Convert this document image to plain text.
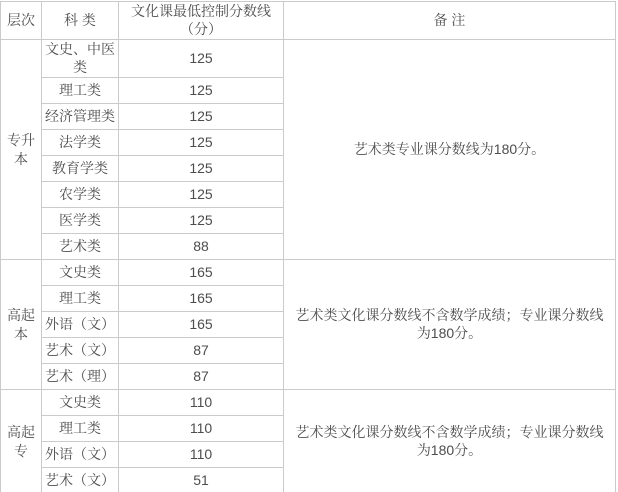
层次	科 类	文化课最低控制分数线（分）	备 注
专升本	文史、中医类	125	艺术类专业课分数线为180分。
	理工类	125	
	经济管理类	125	
	法学类	125	
	教育学类	125	
	农学类	125	
	医学类	125	
	艺术类	88	
高起本	文史类	165	艺术类文化课分数线不含数学成绩；专业课分数线为180分。
	理工类	165	
	外语（文）	165	
	艺术（文）	87	
	艺术（理）	87	
高起专	文史类	110	艺术类文化课分数线不含数学成绩；专业课分数线为180分。
	理工类	110	
	外语（文）	110	
	艺术（文）	51	
